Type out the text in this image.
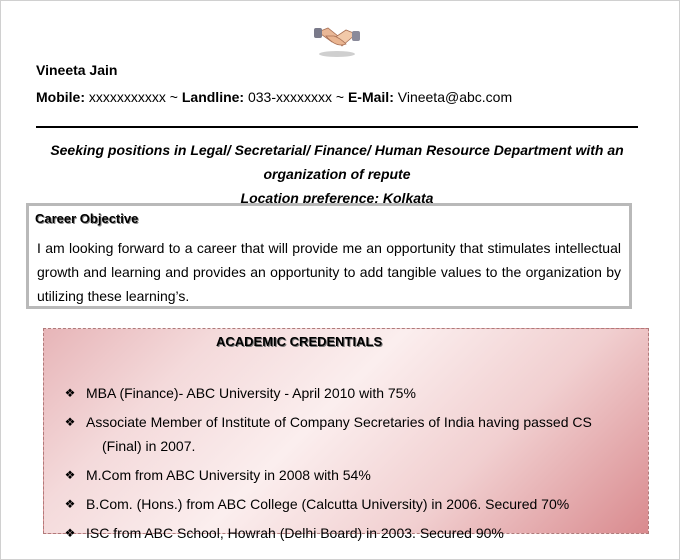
Vineeta Jain
Mobile: xxxxxxxxxxx ~ Landline: 033-xxxxxxxx ~ E-Mail: Vineeta@abc.com
Seeking positions in Legal/ Secretarial/ Finance/ Human Resource Department with an
organization of repute
Location preference: Kolkata
Career Objective
I am looking forward to a career that will provide me an opportunity that stimulates intellectual growth and learning and provides an opportunity to add tangible values to the organization by utilizing these learning’s.
ACADEMIC CREDENTIALS
❖ MBA (Finance)- ABC University - April 2010 with 75%
❖ Associate Member of Institute of Company Secretaries of India having passed CS
(Final) in 2007.
❖ M.Com from ABC University in 2008 with 54%
❖ B.Com. (Hons.) from ABC College (Calcutta University) in 2006. Secured 70%
❖ ISC from ABC School, Howrah (Delhi Board) in 2003. Secured 90%
